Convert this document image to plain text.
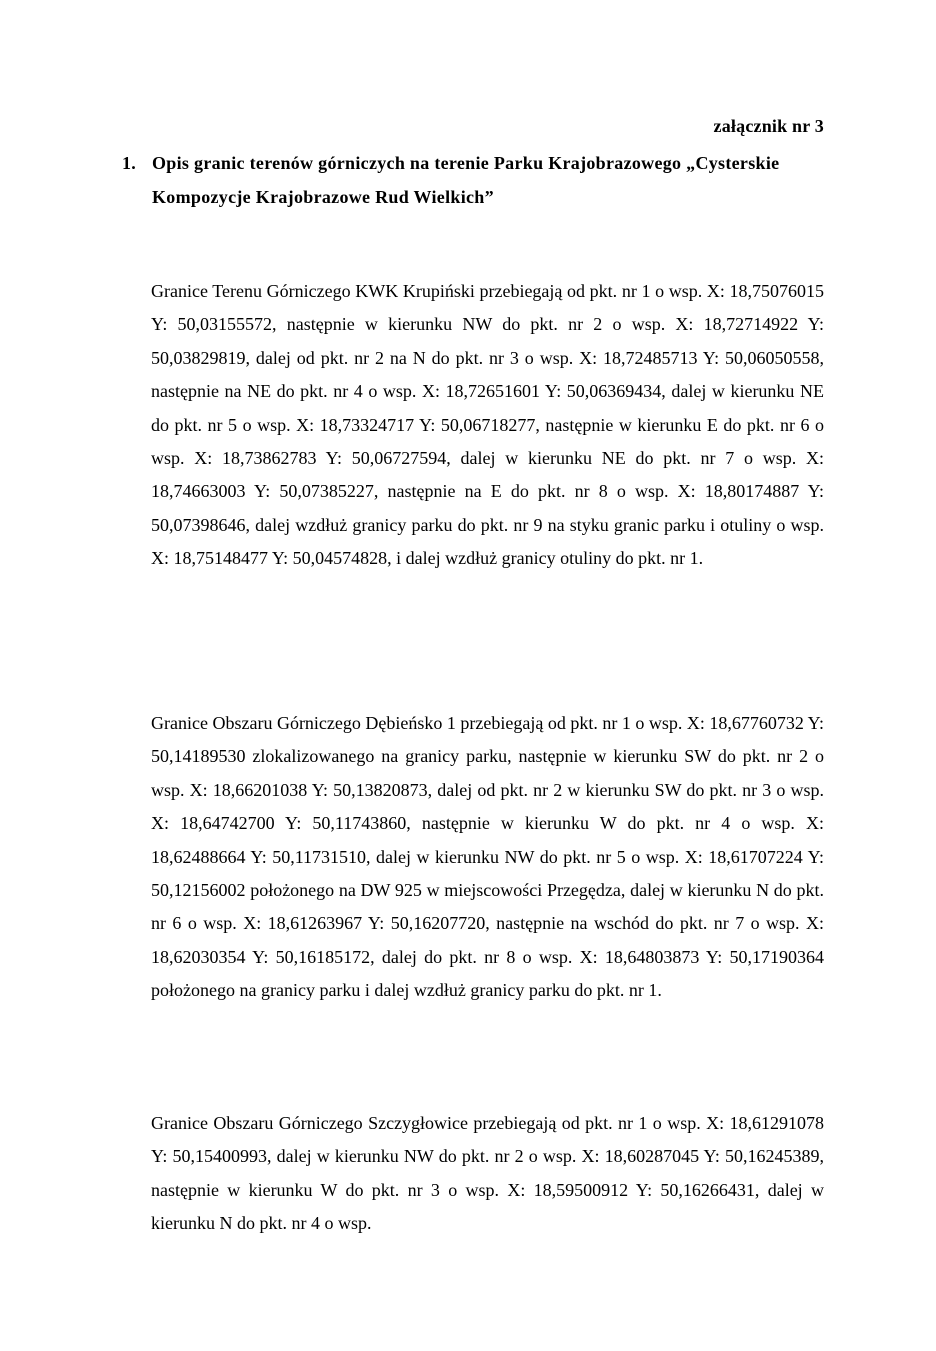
załącznik nr 3
1. Opis granic terenów górniczych na terenie Parku Krajobrazowego „Cysterskie Kompozycje Krajobrazowe Rud Wielkich”

Granice Terenu Górniczego KWK Krupiński przebiegają od pkt. nr 1 o wsp. X: 18,75076015 Y: 50,03155572, następnie w kierunku NW do pkt. nr 2 o wsp. X: 18,72714922 Y: 50,03829819, dalej od pkt. nr 2 na N do pkt. nr 3 o wsp. X: 18,72485713 Y: 50,06050558, następnie na NE do pkt. nr 4 o wsp. X: 18,72651601 Y: 50,06369434, dalej w kierunku NE do pkt. nr 5 o wsp. X: 18,73324717 Y: 50,06718277, następnie w kierunku E do pkt. nr 6 o wsp. X: 18,73862783 Y: 50,06727594, dalej w kierunku NE do pkt. nr 7 o wsp. X: 18,74663003 Y: 50,07385227, następnie na E do pkt. nr 8 o wsp. X: 18,80174887 Y: 50,07398646, dalej wzdłuż granicy parku do pkt. nr 9 na styku granic parku i otuliny o wsp. X: 18,75148477 Y: 50,04574828, i dalej wzdłuż granicy otuliny do pkt. nr 1.

Granice Obszaru Górniczego Dębieńsko 1 przebiegają od pkt. nr 1 o wsp. X: 18,67760732 Y: 50,14189530 zlokalizowanego na granicy parku, następnie w kierunku SW do pkt. nr 2 o wsp. X: 18,66201038 Y: 50,13820873, dalej od pkt. nr 2 w kierunku SW do pkt. nr 3 o wsp. X: 18,64742700 Y: 50,11743860, następnie w kierunku W do pkt. nr 4 o wsp. X: 18,62488664 Y: 50,11731510, dalej w kierunku NW do pkt. nr 5 o wsp. X: 18,61707224 Y: 50,12156002 położonego na DW 925 w miejscowości Przegędza, dalej w kierunku N do pkt. nr 6 o wsp. X: 18,61263967 Y: 50,16207720, następnie na wschód do pkt. nr 7 o wsp. X: 18,62030354 Y: 50,16185172, dalej do pkt. nr 8 o wsp. X: 18,64803873 Y: 50,17190364 położonego na granicy parku i dalej wzdłuż granicy parku do pkt. nr 1.

Granice Obszaru Górniczego Szczygłowice przebiegają od pkt. nr 1 o wsp. X: 18,61291078 Y: 50,15400993, dalej w kierunku NW do pkt. nr 2 o wsp. X: 18,60287045 Y: 50,16245389, następnie w kierunku W do pkt. nr 3 o wsp. X: 18,59500912 Y: 50,16266431, dalej w kierunku N do pkt. nr 4 o wsp.
